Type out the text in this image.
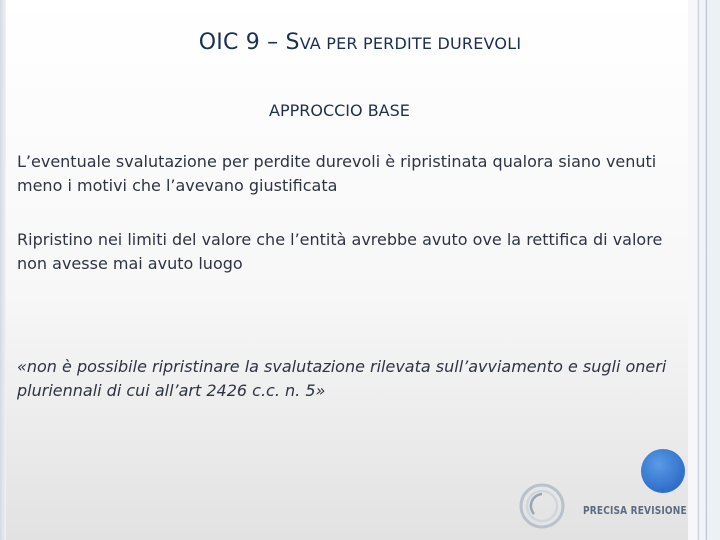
OIC 9 – SVA PER PERDITE DUREVOLI
APPROCCIO BASE
L’eventuale svalutazione per perdite durevoli è ripristinata qualora siano venuti meno i motivi che l’avevano giustificata
Ripristino nei limiti del valore che l’entità avrebbe avuto ove la rettifica di valore non avesse mai avuto luogo
«non è possibile ripristinare la svalutazione rilevata sull’avviamento e sugli oneri pluriennali di cui all’art 2426 c.c. n. 5»
PRECISA REVISIONE
